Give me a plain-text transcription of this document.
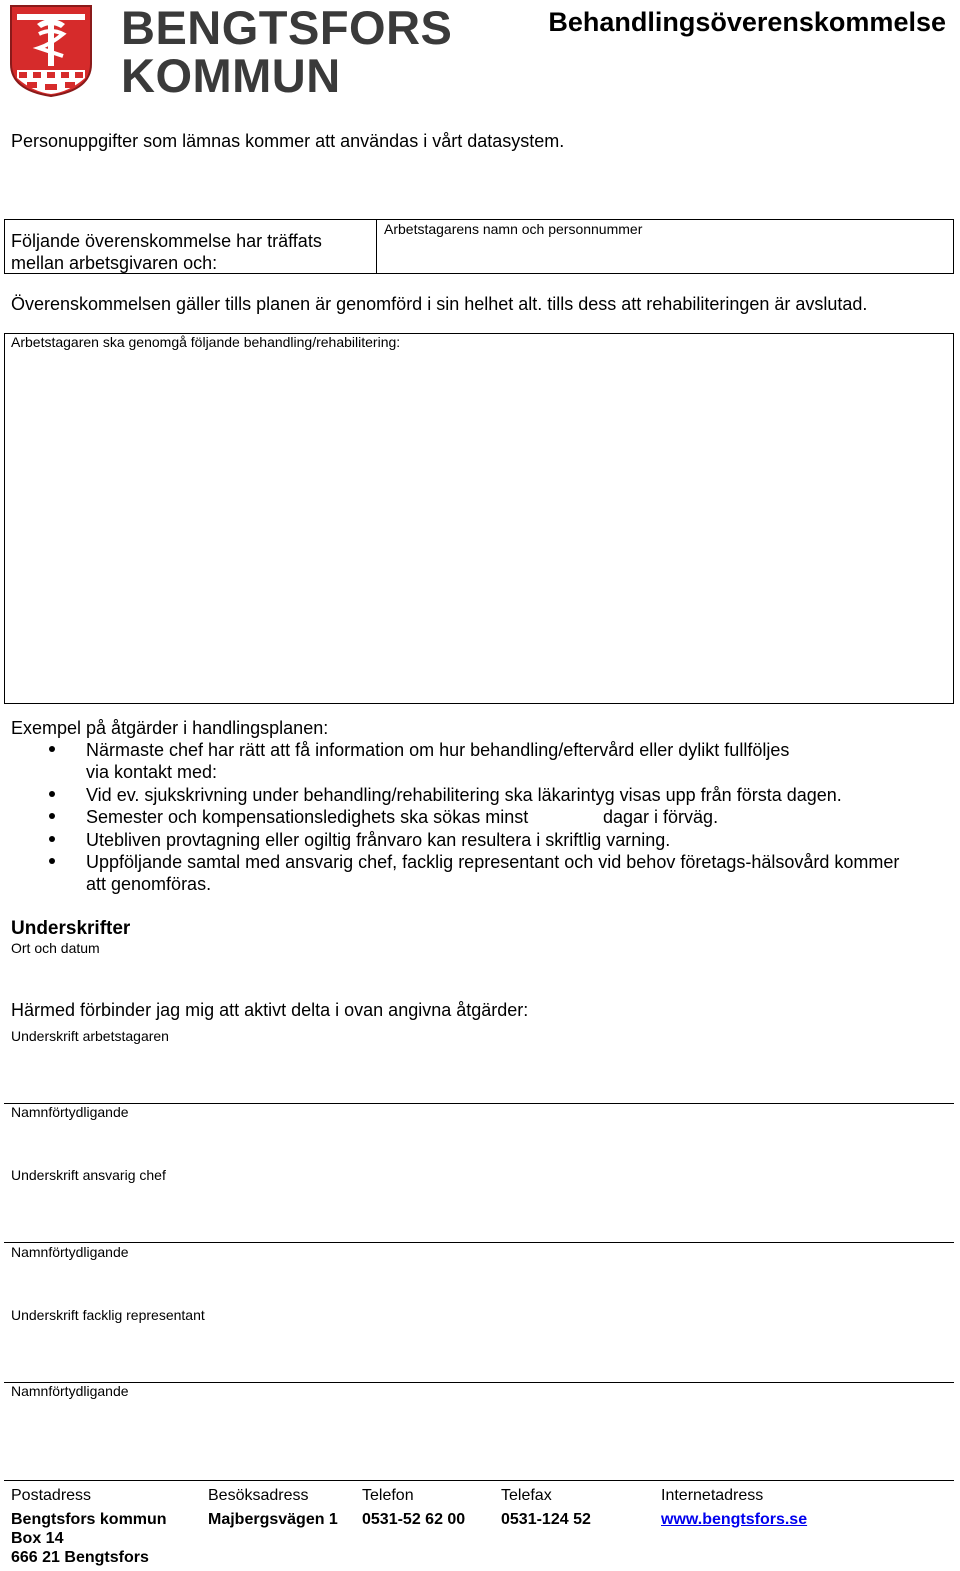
BENGTSFORS
KOMMUN
Behandlingsöverenskommelse
Personuppgifter som lämnas kommer att användas i vårt datasystem.
Följande överenskommelse har träffats
mellan arbetsgivaren och:
Arbetstagarens namn och personnummer
Överenskommelsen gäller tills planen är genomförd i sin helhet alt. tills dess att rehabiliteringen är avslutad.
Arbetstagaren ska genomgå följande behandling/rehabilitering:
Exempel på åtgärder i handlingsplanen:
Närmaste chef har rätt att få information om hur behandling/eftervård eller dylikt fullföljes
via kontakt med:
Vid ev. sjukskrivning under behandling/rehabilitering ska läkarintyg visas upp från första dagen.
Semester och kompensationsledighets ska sökas minst	dagar i förväg.
Utebliven provtagning eller ogiltig frånvaro kan resultera i skriftlig varning.
Uppföljande samtal med ansvarig chef, facklig representant och vid behov företags-hälsovård kommer
att genomföras.
Underskrifter
Ort och datum
Härmed förbinder jag mig att aktivt delta i ovan angivna åtgärder:
Underskrift arbetstagaren
Namnförtydligande
Underskrift ansvarig chef
Namnförtydligande
Underskrift facklig representant
Namnförtydligande
Postadress
Bengtsfors kommun
Box 14
666 21 Bengtsfors
Besöksadress
Majbergsvägen 1
Telefon
0531-52 62 00
Telefax
0531-124 52
Internetadress
www.bengtsfors.se
